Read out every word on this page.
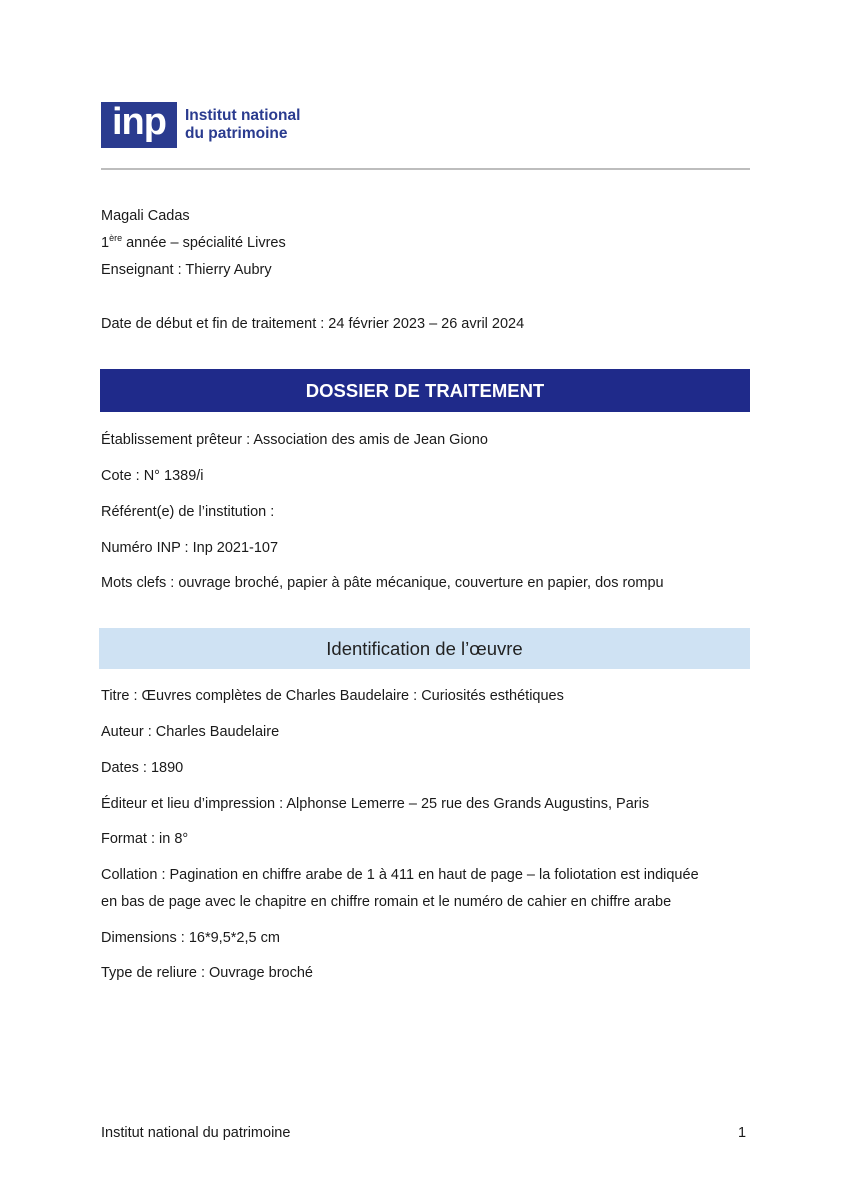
inp	Institut national
du patrimoine
Magali Cadas
1ère année – spécialité Livres
Enseignant : Thierry Aubry
Date de début et fin de traitement : 24 février 2023 – 26 avril 2024
DOSSIER DE TRAITEMENT
Établissement prêteur : Association des amis de Jean Giono
Cote : N° 1389/i
Référent(e) de l’institution :
Numéro INP : Inp 2021-107
Mots clefs : ouvrage broché, papier à pâte mécanique, couverture en papier, dos rompu
Identification de l’œuvre
Titre : Œuvres complètes de Charles Baudelaire : Curiosités esthétiques
Auteur : Charles Baudelaire
Dates : 1890
Éditeur et lieu d’impression : Alphonse Lemerre – 25 rue des Grands Augustins, Paris
Format : in 8°
Collation : Pagination en chiffre arabe de 1 à 411 en haut de page – la foliotation est indiquée
en bas de page avec le chapitre en chiffre romain et le numéro de cahier en chiffre arabe
Dimensions : 16*9,5*2,5 cm
Type de reliure : Ouvrage broché
Institut national du patrimoine	1
